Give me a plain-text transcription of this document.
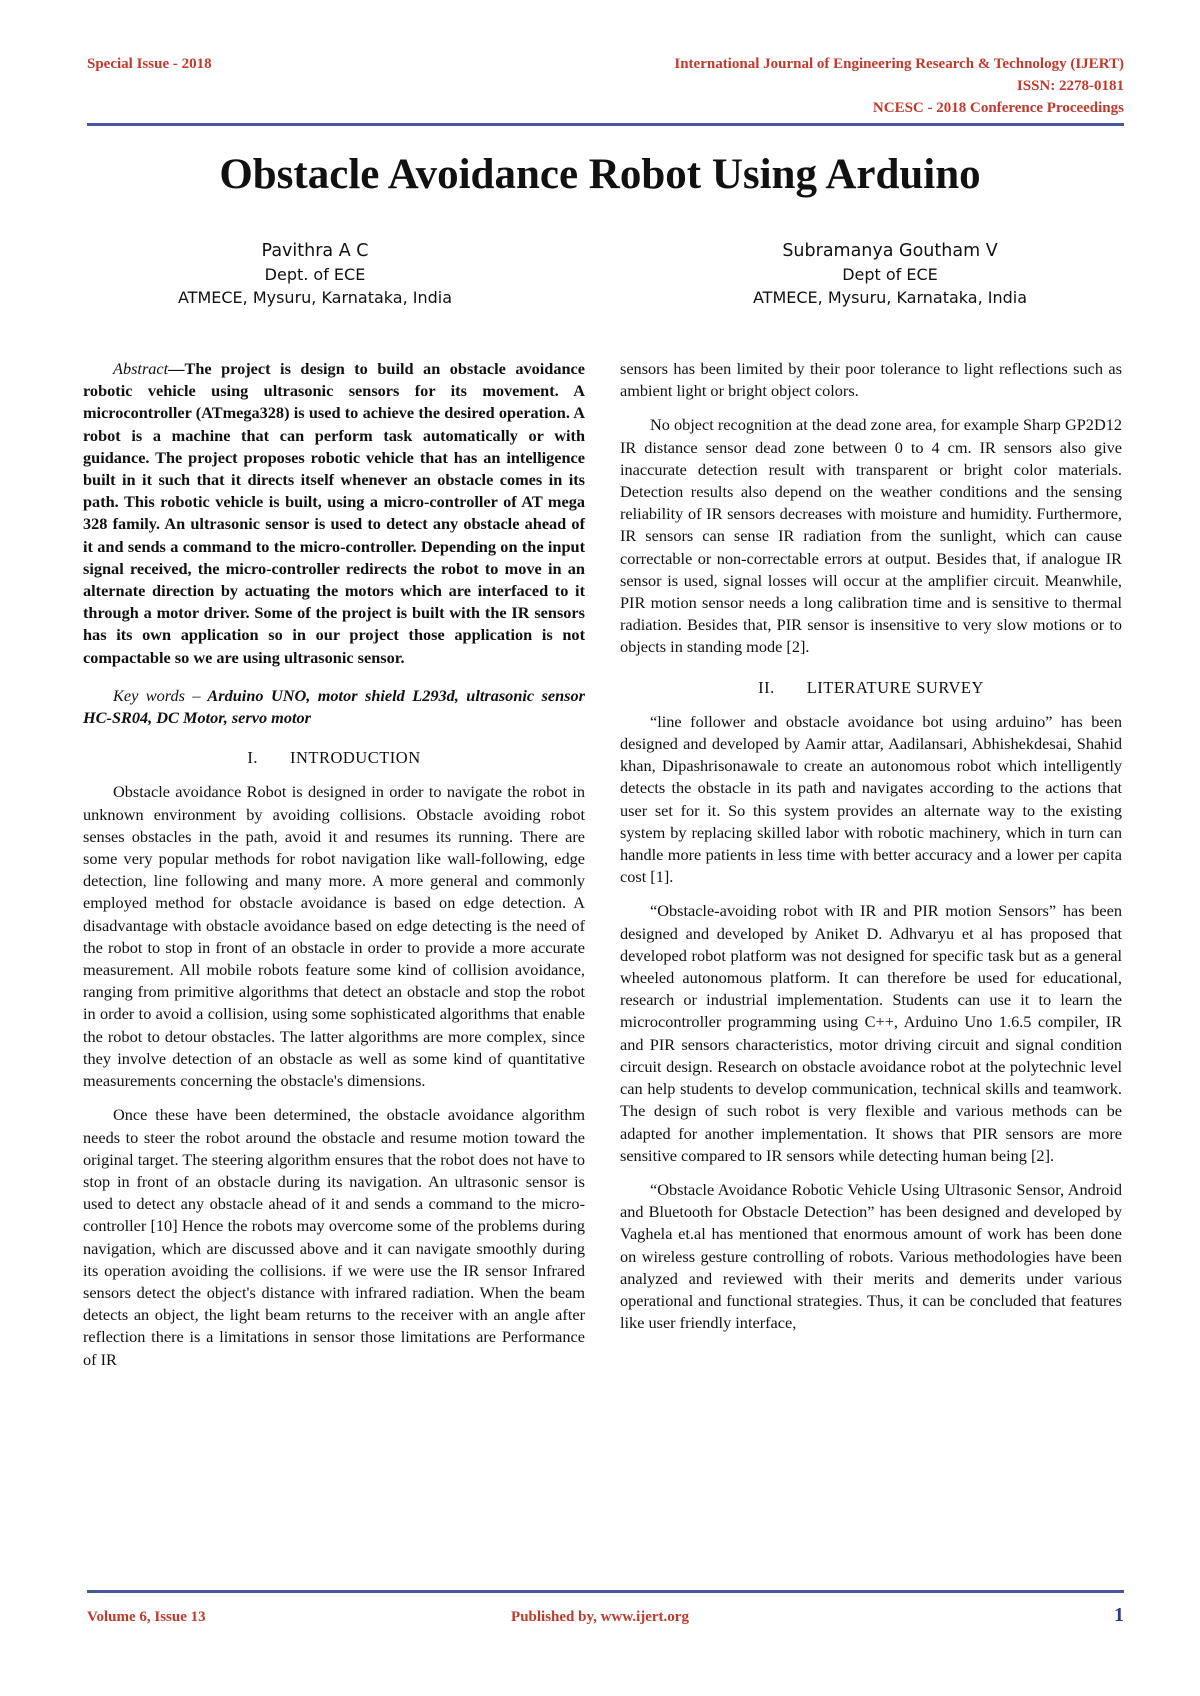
Special Issue - 2018	International Journal of Engineering Research & Technology (IJERT)
ISSN: 2278-0181
NCESC - 2018 Conference Proceedings
Obstacle Avoidance Robot Using Arduino
Pavithra A C
Dept. of ECE
ATMECE, Mysuru, Karnataka, India
Subramanya Goutham V
Dept of ECE
ATMECE, Mysuru, Karnataka, India

Abstract—The project is design to build an obstacle avoidance robotic vehicle using ultrasonic sensors for its movement. A microcontroller (ATmega328) is used to achieve the desired operation. A robot is a machine that can perform task automatically or with guidance. The project proposes robotic vehicle that has an intelligence built in it such that it directs itself whenever an obstacle comes in its path. This robotic vehicle is built, using a micro-controller of AT mega 328 family. An ultrasonic sensor is used to detect any obstacle ahead of it and sends a command to the micro-controller. Depending on the input signal received, the micro-controller redirects the robot to move in an alternate direction by actuating the motors which are interfaced to it through a motor driver. Some of the project is built with the IR sensors has its own application so in our project those application is not compactable so we are using ultrasonic sensor.

Key words – Arduino UNO, motor shield L293d, ultrasonic sensor HC-SR04, DC Motor, servo motor

I. INTRODUCTION

Obstacle avoidance Robot is designed in order to navigate the robot in unknown environment by avoiding collisions. Obstacle avoiding robot senses obstacles in the path, avoid it and resumes its running. There are some very popular methods for robot navigation like wall-following, edge detection, line following and many more. A more general and commonly employed method for obstacle avoidance is based on edge detection. A disadvantage with obstacle avoidance based on edge detecting is the need of the robot to stop in front of an obstacle in order to provide a more accurate measurement. All mobile robots feature some kind of collision avoidance, ranging from primitive algorithms that detect an obstacle and stop the robot in order to avoid a collision, using some sophisticated algorithms that enable the robot to detour obstacles. The latter algorithms are more complex, since they involve detection of an obstacle as well as some kind of quantitative measurements concerning the obstacle's dimensions.

Once these have been determined, the obstacle avoidance algorithm needs to steer the robot around the obstacle and resume motion toward the original target. The steering algorithm ensures that the robot does not have to stop in front of an obstacle during its navigation. An ultrasonic sensor is used to detect any obstacle ahead of it and sends a command to the micro-controller [10] Hence the robots may overcome some of the problems during navigation, which are discussed above and it can navigate smoothly during its operation avoiding the collisions. if we were use the IR sensor Infrared sensors detect the object's distance with infrared radiation. When the beam detects an object, the light beam returns to the receiver with an angle after reflection there is a limitations in sensor those limitations are Performance of IR

sensors has been limited by their poor tolerance to light reflections such as ambient light or bright object colors.

No object recognition at the dead zone area, for example Sharp GP2D12 IR distance sensor dead zone between 0 to 4 cm. IR sensors also give inaccurate detection result with transparent or bright color materials. Detection results also depend on the weather conditions and the sensing reliability of IR sensors decreases with moisture and humidity. Furthermore, IR sensors can sense IR radiation from the sunlight, which can cause correctable or non-correctable errors at output. Besides that, if analogue IR sensor is used, signal losses will occur at the amplifier circuit. Meanwhile, PIR motion sensor needs a long calibration time and is sensitive to thermal radiation. Besides that, PIR sensor is insensitive to very slow motions or to objects in standing mode [2].

II. LITERATURE SURVEY

“line follower and obstacle avoidance bot using arduino” has been designed and developed by Aamir attar, Aadilansari, Abhishekdesai, Shahid khan, Dipashrisonawale to create an autonomous robot which intelligently detects the obstacle in its path and navigates according to the actions that user set for it. So this system provides an alternate way to the existing system by replacing skilled labor with robotic machinery, which in turn can handle more patients in less time with better accuracy and a lower per capita cost [1].

“Obstacle-avoiding robot with IR and PIR motion Sensors” has been designed and developed by Aniket D. Adhvaryu et al has proposed that developed robot platform was not designed for specific task but as a general wheeled autonomous platform. It can therefore be used for educational, research or industrial implementation. Students can use it to learn the microcontroller programming using C++, Arduino Uno 1.6.5 compiler, IR and PIR sensors characteristics, motor driving circuit and signal condition circuit design. Research on obstacle avoidance robot at the polytechnic level can help students to develop communication, technical skills and teamwork. The design of such robot is very flexible and various methods can be adapted for another implementation. It shows that PIR sensors are more sensitive compared to IR sensors while detecting human being [2].

“Obstacle Avoidance Robotic Vehicle Using Ultrasonic Sensor, Android and Bluetooth for Obstacle Detection” has been designed and developed by Vaghela et.al has mentioned that enormous amount of work has been done on wireless gesture controlling of robots. Various methodologies have been analyzed and reviewed with their merits and demerits under various operational and functional strategies. Thus, it can be concluded that features like user friendly interface,

Volume 6, Issue 13	Published by, www.ijert.org	1
